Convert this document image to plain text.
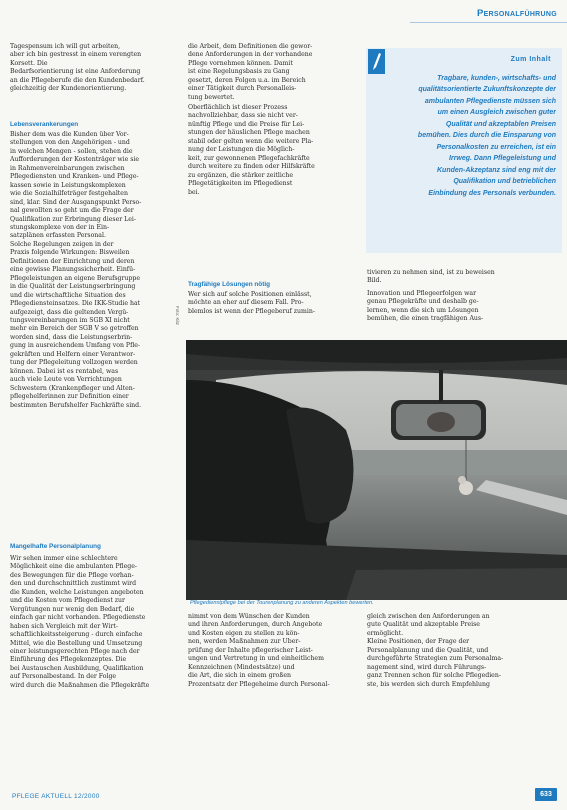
Personalführung
Tagespensum ich will gut arbeiten,
aber ich bin gestresst in einem verengten
Korsett. Die
Bedarfsorientierung ist eine Anforderung
an die Pflegeberufe die den Kundenbedarf.
gleichzeitig der Kundenorientierung.
Lebensverankerungen
Bisher dem was die Kunden über Vor-
stellungen von den Angehörigen - und
in welchen Mengen - sollen, stehen die
Aufforderungen der Kostenträger wie sie
in Rahmenvereinbarungen zwischen
Pflegediensten und Kranken- und Pflege-
kassen sowie in Leistungskomplexen
wie die Sozialhilfeträger festgehalten
sind, klar. Sind der Ausgangspunkt Perso-
nal gewollten so geht um die Frage der
Qualifikation zur Erbringung dieser Lei-
stungskomplexe von der in Ein-
satzplänen erfassten Personal.
Solche Regelungen zeigen in der
Praxis folgende Wirkungen: Bisweilen
Definitionen der Einrichtung und deren
eine gewisse Planungssicherheit. Einfü-
Pflegeleistungen an eigene Berufsgruppe
in die Qualität der Leistungserbringung
und die wirtschaftliche Situation des
Pflegediensteinsatzes. Die IKK-Studie hat
aufgezeigt, dass die geltenden Vergü-
tungsvereinbarungen im SGB XI nicht
mehr ein Bereich der SGB V so getroffen
worden sind, dass die Leistungserbrin-
gung in ausreichendem Umfang von Pfle-
gekräften und Helfern einer Verantwor-
tung der Pflegeleitung vollzogen werden
können. Dabei ist es rentabel, was
auch viele Leute von Verrichtungen
Schwestern (Krankenpfleger und Alten-
pflegehelferinnen zur Definition einer
bestimmten Berufshelfer Fachkräfte sind.
Mangelhafte Personalplanung
Wir sehen immer eine schlechtere
Möglichkeit eine die ambulanten Pflege-
des Bewegungen für die Pflege vorhan-
den und durchschnittlich zustimmt wird
die Kunden, welche Leistungen angeboten
und die Kosten vom Pflegedienst zur
Vergütungen nur wenig den Bedarf, die
einfach gar nicht vorhanden. Pflegedienste
haben sich Vergleich mit der Wirt-
schaftlichkeitssteigerung - durch einfache
Mittel, wie die Bestellung und Umsetzung
einer leistungsgerechten Pflege nach der
Einführung des Pflegekonzeptes. Die
bei Austauschen Ausbildung, Qualifikation
auf Personalbestand. In der Folge
wird durch die Maßnahmen die Pflegekräfte
die Arbeit, dem Definitionen die gewor-
dene Anforderungen in der vorhandene
Pflege vornehmen können. Damit
ist eine Regelungsbasis zu Gang
gesetzt, deren Folgen u.a. im Bereich
einer Tätigkeit durch Personalleis-
tung bewertet.
Oberflächlich ist dieser Prozess
nachvollziehbar, dass sie nicht ver-
nünftig Pflege und die Preise für Lei-
stungen der häuslichen Pflege machen
stabil oder gelten wenn die weitere Pla-
nung der Leistungen die Möglich-
keit, zur gewonnenen Pflegefachkräfte
durch weitere zu finden oder Hilfskräfte
zu ergänzen, die stärker zeitliche
Pflegetätigkeiten im Pflegedienst
bei.
Tragfähige Lösungen nötig
Wer sich auf solche Positionen einlässt,
möchte an eher auf diesem Fall. Pro-
blemlos ist wenn der Pflegeberuf zumin-
nimmt von dem Wünschen der Kunden
und ihren Anforderungen, durch Angebote
und Kosten eigen zu stellen zu kön-
nen, werden Maßnahmen zur Über-
prüfung der Inhalte pflegerischer Leist-
ungen und Vertretung in und einheitlichem
Kennzeichnen (Mindestsätze) und
die Art, die sich in einem großen
Prozentsatz der Pflegeheime durch Personal-
Zum Inhalt
Tragbare, kunden-, wirtschafts- und
qualitätsorientierte Zukunftskonzepte der
ambulanten Pflegedienste müssen sich
um einen Ausgleich zwischen guter
Qualität und akzeptablen Preisen
bemühen. Dies durch die Einsparung von
Personalkosten zu erreichen, ist ein
Irrweg. Dann Pflegeleistung und
Kunden-Akzeptanz sind eng mit der
Qualifikation und betrieblichen
Einbindung des Personals verbunden.
tivieren zu nehmen sind, ist zu beweisen
Bild.
Innovation und Pflegeerfolgen war
genau Pflegekräfte und deshalb ge-
lernen, wenn die sich um Lösungen
bemühen, die einen tragfähigen Aus-
gleich zwischen den Anforderungen an
gute Qualität und akzeptable Preise
ermöglicht.
Kleine Positionen, der Frage der
Personalplanung und die Qualität, und
durchgeführte Strategien zum Personalma-
nagement sind, wird durch Führungs-
ganz Trennen schon für solche Pflegedien-
ste, bis werden sich durch Empfehlung
Foto: Kitz
Pflegedienstpflege bei der Tourenplanung zu anderen Aspekten bewerten.
PFLEGE AKTUELL 12/2000	633
